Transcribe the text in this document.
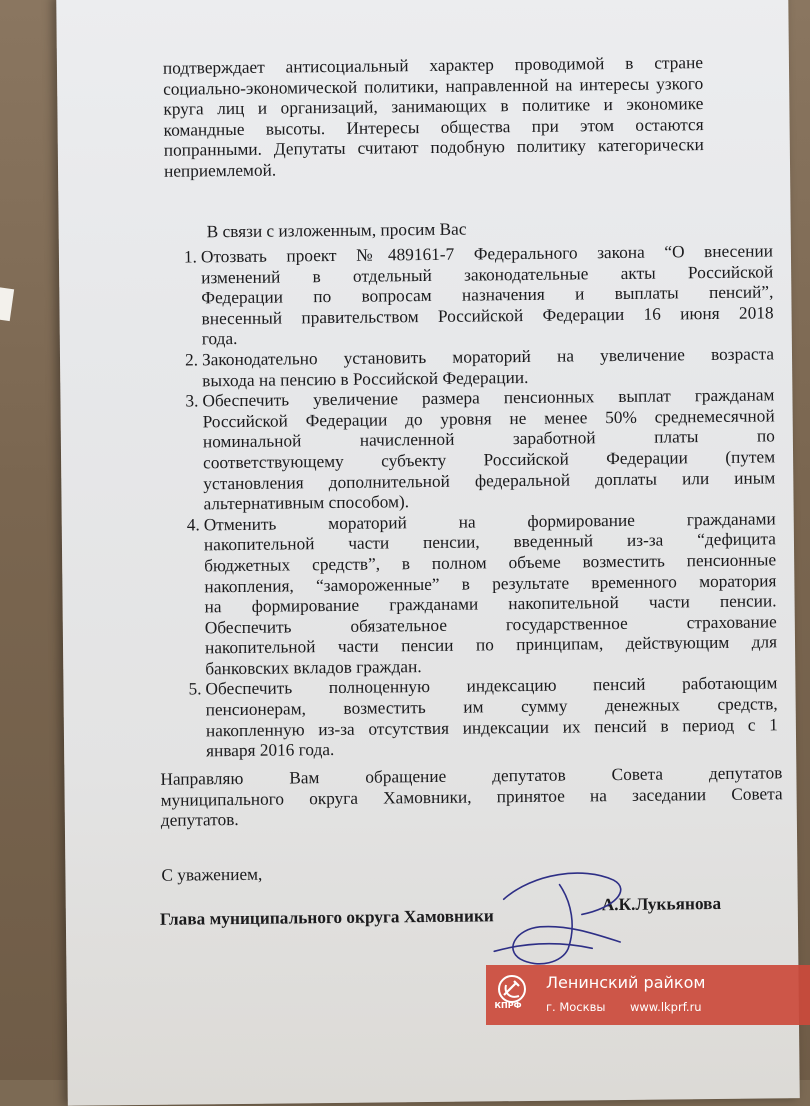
подтверждает антисоциальный характер проводимой в стране
социально-экономической политики, направленной на интересы узкого
круга лиц и организаций, занимающих в политике и экономике
командные высоты. Интересы общества при этом остаются
попранными. Депутаты считают подобную политику категорически
неприемлемой.
В связи с изложенным, просим Вас
1. Отозвать проект №489161-7 Федерального закона “О внесении
изменений в отдельный законодательные акты Российской
Федерации по вопросам назначения и выплаты пенсий”,
внесенный правительством Российской Федерации 16 июня 2018
года.
2. Законодательно установить мораторий на увеличение возраста
выхода на пенсию в Российской Федерации.
3. Обеспечить увеличение размера пенсионных выплат гражданам
Российской Федерации до уровня не менее 50% среднемесячной
номинальной начисленной заработной платы по
соответствующему субъекту Российской Федерации (путем
установления дополнительной федеральной доплаты или иным
альтернативным способом).
4. Отменить мораторий на формирование гражданами
накопительной части пенсии, введенный из-за “дефицита
бюджетных средств”, в полном объеме возместить пенсионные
накопления, “замороженные” в результате временного моратория
на формирование гражданами накопительной части пенсии.
Обеспечить обязательное государственное страхование
накопительной части пенсии по принципам, действующим для
банковских вкладов граждан.
5. Обеспечить полноценную индексацию пенсий работающим
пенсионерам, возместить им сумму денежных средств,
накопленную из-за отсутствия индексации их пенсий в период с 1
января 2016 года.
Направляю Вам обращение депутатов Совета депутатов
муниципального округа Хамовники, принятое на заседании Совета
депутатов.
С уважением,
Глава муниципального округа Хамовники
А.К.Лукьянова
КПРФ
Ленинский райком
г. Москвы www.lkprf.ru
